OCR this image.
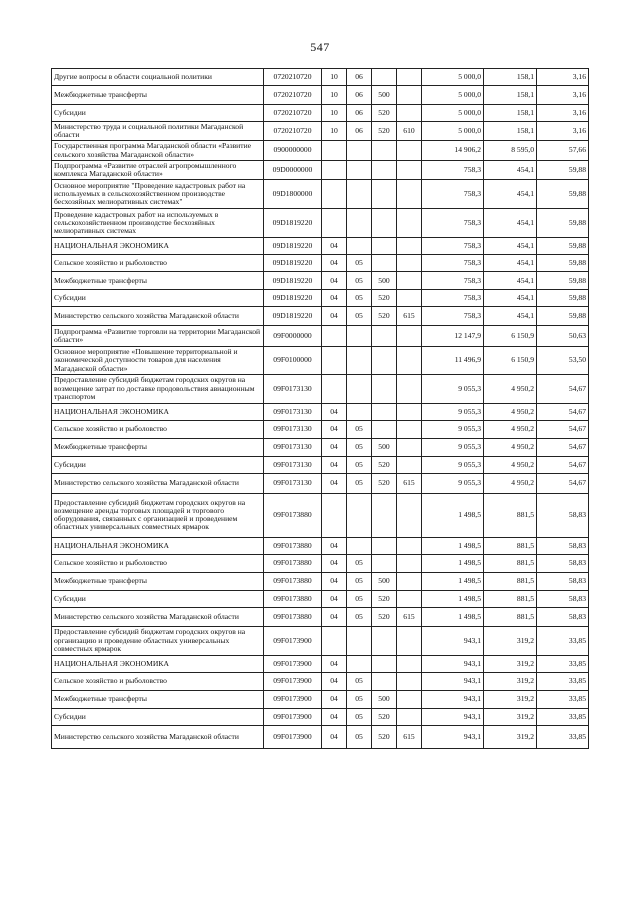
547
Другие вопросы в области социальной политики	0720210720	10	06			5 000,0	158,1	3,16
Межбюджетные трансферты	0720210720	10	06	500		5 000,0	158,1	3,16
Субсидии	0720210720	10	06	520		5 000,0	158,1	3,16
Министерство труда и социальной политики Магаданской области	0720210720	10	06	520	610	5 000,0	158,1	3,16
Государственная программа Магаданской области «Развитие сельского хозяйства Магаданской области»	0900000000					14 906,2	8 595,0	57,66
Подпрограмма «Развитие отраслей агропромышленного комплекса Магаданской области»	09D0000000					758,3	454,1	59,88
Основное мероприятие "Проведение кадастровых работ на используемых в сельскохозяйственном производстве бесхозяйных мелиоративных системах"	09D1800000					758,3	454,1	59,88
Проведение кадастровых работ на используемых в сельскохозяйственном производстве бесхозяйных мелиоративных системах	09D1819220					758,3	454,1	59,88
НАЦИОНАЛЬНАЯ ЭКОНОМИКА	09D1819220	04				758,3	454,1	59,88
Сельское хозяйство и рыболовство	09D1819220	04	05			758,3	454,1	59,88
Межбюджетные трансферты	09D1819220	04	05	500		758,3	454,1	59,88
Субсидии	09D1819220	04	05	520		758,3	454,1	59,88
Министерство сельского хозяйства Магаданской области	09D1819220	04	05	520	615	758,3	454,1	59,88
Подпрограмма «Развитие торговли на территории Магаданской области»	09F0000000					12 147,9	6 150,9	50,63
Основное мероприятие «Повышение территориальной и экономической доступности товаров для населения Магаданской области»	09F0100000					11 496,9	6 150,9	53,50
Предоставление субсидий бюджетам городских округов на возмещение затрат по доставке продовольствия авиационным транспортом	09F0173130					9 055,3	4 950,2	54,67
НАЦИОНАЛЬНАЯ ЭКОНОМИКА	09F0173130	04				9 055,3	4 950,2	54,67
Сельское хозяйство и рыболовство	09F0173130	04	05			9 055,3	4 950,2	54,67
Межбюджетные трансферты	09F0173130	04	05	500		9 055,3	4 950,2	54,67
Субсидии	09F0173130	04	05	520		9 055,3	4 950,2	54,67
Министерство сельского хозяйства Магаданской области	09F0173130	04	05	520	615	9 055,3	4 950,2	54,67
Предоставление субсидий бюджетам городских округов на возмещение аренды торговых площадей и торгового оборудования, связанных с организацией и проведением областных универсальных совместных ярмарок	09F0173880					1 498,5	881,5	58,83
НАЦИОНАЛЬНАЯ ЭКОНОМИКА	09F0173880	04				1 498,5	881,5	58,83
Сельское хозяйство и рыболовство	09F0173880	04	05			1 498,5	881,5	58,83
Межбюджетные трансферты	09F0173880	04	05	500		1 498,5	881,5	58,83
Субсидии	09F0173880	04	05	520		1 498,5	881,5	58,83
Министерство сельского хозяйства Магаданской области	09F0173880	04	05	520	615	1 498,5	881,5	58,83
Предоставление субсидий бюджетам городских округов на организацию и проведение областных универсальных совместных ярмарок	09F0173900					943,1	319,2	33,85
НАЦИОНАЛЬНАЯ ЭКОНОМИКА	09F0173900	04				943,1	319,2	33,85
Сельское хозяйство и рыболовство	09F0173900	04	05			943,1	319,2	33,85
Межбюджетные трансферты	09F0173900	04	05	500		943,1	319,2	33,85
Субсидии	09F0173900	04	05	520		943,1	319,2	33,85
Министерство сельского хозяйства Магаданской области	09F0173900	04	05	520	615	943,1	319,2	33,85
